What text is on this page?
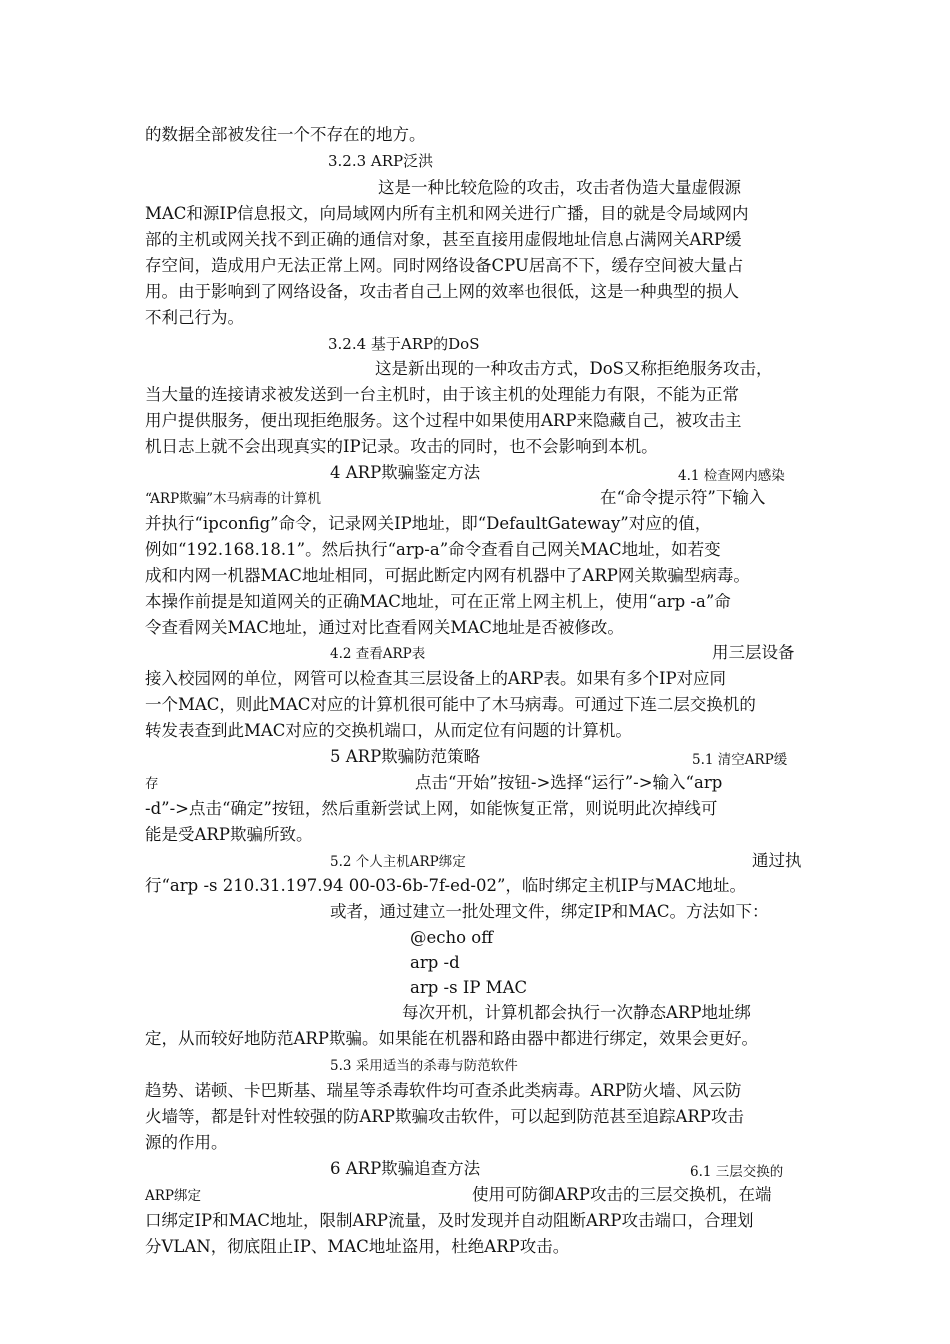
的数据全部被发往一个不存在的地方。
3.2.3 ARP泛洪
这是一种比较危险的攻击，攻击者伪造大量虚假源
MAC和源IP信息报文，向局域网内所有主机和网关进行广播，目的就是令局域网内
部的主机或网关找不到正确的通信对象，甚至直接用虚假地址信息占满网关ARP缓
存空间，造成用户无法正常上网。同时网络设备CPU居高不下，缓存空间被大量占
用。由于影响到了网络设备，攻击者自己上网的效率也很低，这是一种典型的损人
不利己行为。
3.2.4 基于ARP的DoS
这是新出现的一种攻击方式，DoS又称拒绝服务攻击，
当大量的连接请求被发送到一台主机时，由于该主机的处理能力有限，不能为正常
用户提供服务，便出现拒绝服务。这个过程中如果使用ARP来隐藏自己，被攻击主
机日志上就不会出现真实的IP记录。攻击的同时，也不会影响到本机。
4 ARP欺骗鉴定方法	4.1 检查网内感染
“ARP欺骗”木马病毒的计算机	在“命令提示符”下输入
并执行“ipconfig”命令，记录网关IP地址，即“DefaultGateway”对应的值，
例如“192.168.18.1”。然后执行“arp-a”命令查看自己网关MAC地址，如若变
成和内网一机器MAC地址相同，可据此断定内网有机器中了ARP网关欺骗型病毒。
本操作前提是知道网关的正确MAC地址，可在正常上网主机上，使用“arp -a”命
令查看网关MAC地址，通过对比查看网关MAC地址是否被修改。
4.2 查看ARP表	用三层设备
接入校园网的单位，网管可以检查其三层设备上的ARP表。如果有多个IP对应同
一个MAC，则此MAC对应的计算机很可能中了木马病毒。可通过下连二层交换机的
转发表查到此MAC对应的交换机端口，从而定位有问题的计算机。
5 ARP欺骗防范策略	5.1 清空ARP缓
存	点击“开始”按钮->选择“运行”->输入“arp
-d”->点击“确定”按钮，然后重新尝试上网，如能恢复正常，则说明此次掉线可
能是受ARP欺骗所致。
5.2 个人主机ARP绑定	通过执
行“arp -s 210.31.197.94 00-03-6b-7f-ed-02”，临时绑定主机IP与MAC地址。
或者，通过建立一批处理文件，绑定IP和MAC。方法如下：
@echo off
arp -d
arp -s IP MAC
每次开机，计算机都会执行一次静态ARP地址绑
定，从而较好地防范ARP欺骗。如果能在机器和路由器中都进行绑定，效果会更好。
5.3 采用适当的杀毒与防范软件
趋势、诺顿、卡巴斯基、瑞星等杀毒软件均可查杀此类病毒。ARP防火墙、风云防
火墙等，都是针对性较强的防ARP欺骗攻击软件，可以起到防范甚至追踪ARP攻击
源的作用。
6 ARP欺骗追查方法	6.1 三层交换的
ARP绑定	使用可防御ARP攻击的三层交换机，在端
口绑定IP和MAC地址，限制ARP流量，及时发现并自动阻断ARP攻击端口，合理划
分VLAN，彻底阻止IP、MAC地址盗用，杜绝ARP攻击。
